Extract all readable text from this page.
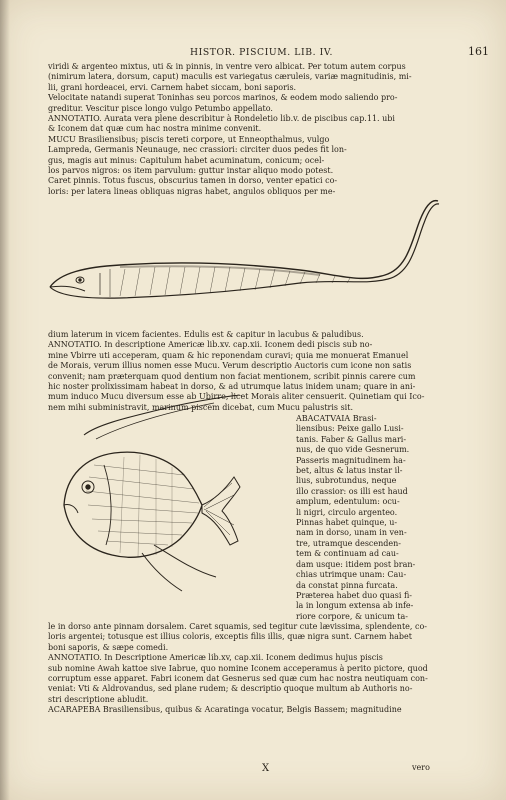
HISTOR. PISCIUM. LIB. IV.	161
viridi & argenteo mixtus, uti & in pinnis, in ventre vero albicat. Per totum autem corpus
(nimirum latera, dorsum, caput) maculis est variegatus cæruleis, variæ magnitudinis, mi-
lii, grani hordeacei, ervi. Carnem habet siccam, boni saporis.
Velocitate natandi superat Toninhas seu porcos marinos, & eodem modo saliendo pro-
greditur. Vescitur pisce longo vulgo Petumbo appellato.
ANNOTATIO. Aurata vera plene describitur à Rondeletio lib.v. de piscibus cap.11. ubi
& Iconem dat quæ cum hac nostra minime convenit.
MUCU Brasiliensibus; piscis tereti corpore, ut Enneopthalmus, vulgo
Lampreda, Germanis Neunauge, nec crassiori: circiter duos pedes fit lon-
gus, magis aut minus: Capitulum habet acuminatum, conicum; ocel-
los parvos nigros: os item parvulum: guttur instar aliquo modo potest.
Caret pinnis. Totus fuscus, obscurius tamen in dorso, venter epatici co-
loris: per latera lineas obliquas nigras habet, angulos obliquos per me-
dium laterum in vicem facientes. Edulis est & capitur in lacubus & paludibus.
ANNOTATIO. In descriptione Americæ lib.xv. cap.xii. Iconem dedi piscis sub no-
mine Vbirre uti acceperam, quam & hic reponendam curavi; quia me monuerat Emanuel
de Morais, verum illius nomen esse Mucu. Verum descriptio Auctoris cum icone non satis
convenit; nam præterquam quod dentium non faciat mentionem, scribit pinnis carere cum
hic noster prolixissimam habeat in dorso, & ad utrumque latus inidem unam; quare in ani-
mum induco Mucu diversum esse ab Ubirre, licet Morais aliter censuerit. Quinetiam qui Ico-
nem mihi subministravit, marinum piscem dicebat, cum Mucu palustris sit.
ABACATVAIA Brasi-
liensibus: Peixe gallo Lusi-
tanis. Faber & Gallus mari-
nus, de quo vide Gesnerum.
Passeris magnitudinem ha-
bet, altus & latus instar il-
lius, subrotundus, neque
illo crassior: os illi est haud
amplum, edentulum: ocu-
li nigri, circulo argenteo.
Pinnas habet quinque, u-
nam in dorso, unam in ven-
tre, utramque descenden-
tem & continuam ad cau-
dam usque: itidem post bran-
chias utrimque unam: Cau-
da constat pinna furcata.
Præterea habet duo quasi fi-
la in longum extensa ab infe-
riore corpore, & unicum ta-
le in dorso ante pinnam dorsalem. Caret squamis, sed tegitur cute lævissima, splendente, co-
loris argentei; totusque est illius coloris, exceptis filis illis, quæ nigra sunt. Carnem habet
boni saporis, & sæpe comedi.
ANNOTATIO. In Descriptione Americæ lib.xv, cap.xii. Iconem dedimus hujus piscis
sub nomine Awah kattoe sive Iabrue, quo nomine Iconem acceperamus à perito pictore, quod
corruptum esse apparet. Fabri iconem dat Gesnerus sed quæ cum hac nostra neutiquam con-
veniat: Vti & Aldrovandus, sed plane rudem; & descriptio quoque multum ab Authoris no-
stri descriptione abludit.
ACARAPEBA Brasiliensibus, quibus & Acaratinga vocatur, Belgis Bassem; magnitudine
X	vero
